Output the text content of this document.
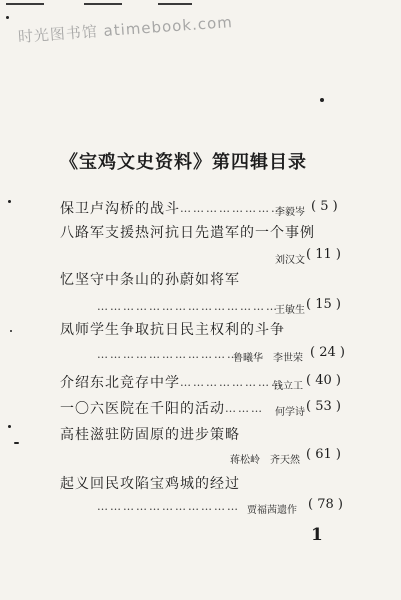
时光图书馆 atimebook.com
《宝鸡文史资料》第四辑目录
保卫卢沟桥的战斗 ……………………
李毅岑 ( 5 )
八路军支援热河抗日先遣军的一个事例
刘汉文 ( 11 )
忆坚守中条山的孙蔚如将军
……………………………………
王敏生 ( 15 )
凤师学生争取抗日民主权利的斗争
……………………………
鲁曦华　李世荣 ( 24 )
介绍东北竞存中学 ……………………
钱立工 ( 40 )
一〇六医院在千阳的活动 ……… 何学诗 ( 53 )
高桂滋驻防固原的进步策略
蒋松岭　齐天然 ( 61 )
起义回民攻陷宝鸡城的经过
…………………………… 贾福茜遗作 ( 78 )
1
